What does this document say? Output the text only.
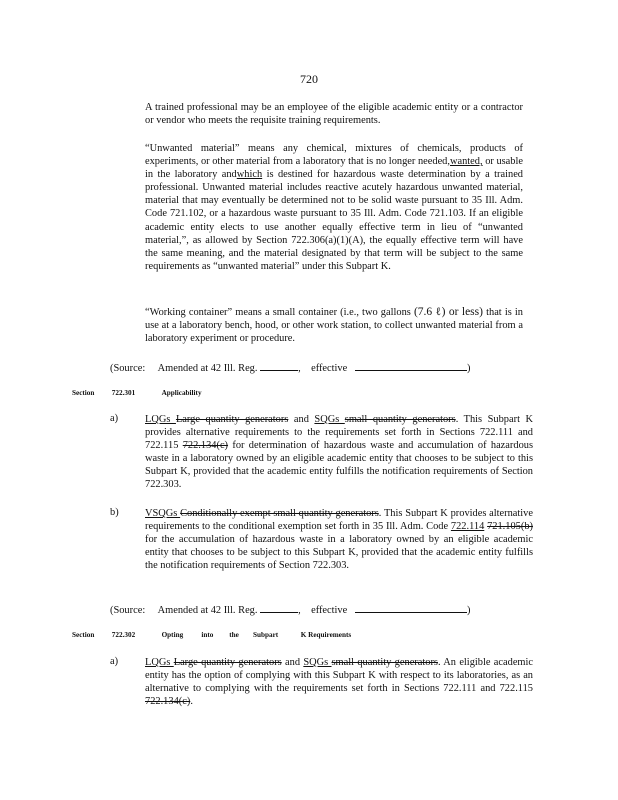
720
A trained professional may be an employee of the eligible academic entity or a contractor or vendor who meets the requisite training requirements.
“Unwanted material” means any chemical, mixtures of chemicals, products of experiments, or other material from a laboratory that is no longer needed,wanted, or usable in the laboratory andwhich is destined for hazardous waste determination by a trained professional. Unwanted material includes reactive acutely hazardous unwanted material, material that may eventually be determined not to be solid waste pursuant to 35 Ill. Adm. Code 721.102, or a hazardous waste pursuant to 35 Ill. Adm. Code 721.103. If an eligible academic entity elects to use another equally effective term in lieu of “unwanted material,”, as allowed by Section 722.306(a)(1)(A), the equally effective term will have the same meaning, and the material designated by that term will be subject to the same requirements as “unwanted material” under this Subpart K.
“Working container” means a small container (i.e., two gallons (7.6 ℓ) or less) that is in use at a laboratory bench, hood, or other work station, to collect unwanted material from a laboratory experiment or procedure.
(Source: Amended at 42 Ill. Reg.	, effective	)
Section 722.301	Applicability
a)	LQGs Large quantity generators and SQGs small quantity generators. This Subpart K provides alternative requirements to the requirements set forth in Sections 722.111 and 722.115 722.134(c) for determination of hazardous waste and accumulation of hazardous waste in a laboratory owned by an eligible academic entity that chooses to be subject to this Subpart K, provided that the academic entity fulfills the notification requirements of Section 722.303.
b)	VSQGs Conditionally exempt small quantity generators. This Subpart K provides alternative requirements to the conditional exemption set forth in 35 Ill. Adm. Code 722.114 721.105(b) for the accumulation of hazardous waste in a laboratory owned by an eligible academic entity that chooses to be subject to this Subpart K, provided that the academic entity fulfills the notification requirements of Section 722.303.
(Source: Amended at 42 Ill. Reg.	, effective	)
Section 722.302	Opting	into the Subpart	K Requirements
a)	LQGs Large quantity generators and SQGs small quantity generators. An eligible academic entity has the option of complying with this Subpart K with respect to its laboratories, as an alternative to complying with the requirements set forth in Sections 722.111 and 722.115 722.134(c).
